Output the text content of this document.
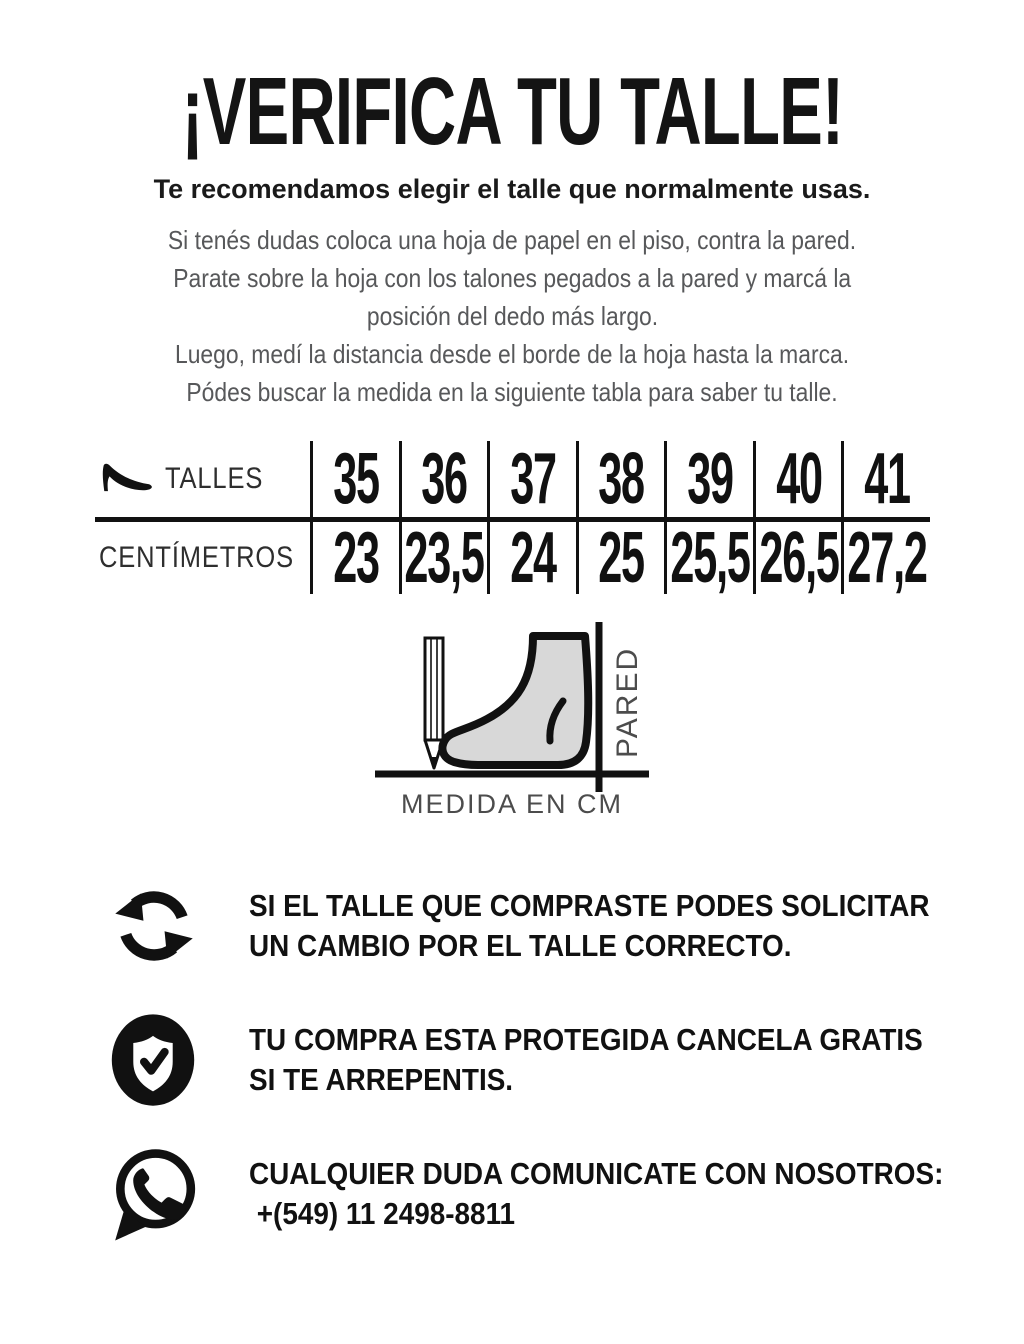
¡VERIFICA TU TALLE!
Te recomendamos elegir el talle que normalmente usas.
Si tenés dudas coloca una hoja de papel en el piso, contra la pared.
Parate sobre la hoja con los talones pegados a la pared y marcá la
posición del dedo más largo.
Luego, medí la distancia desde el borde de la hoja hasta la marca.
Pódes buscar la medida en la siguiente tabla para saber tu talle.
TALLES 35 36 37 38 39 40 41
CENTÍMETROS 23 23,5 24 25 25,5 26,5 27,2
PARED
MEDIDA EN CM
SI EL TALLE QUE COMPRASTE PODES SOLICITAR
UN CAMBIO POR EL TALLE CORRECTO.
TU COMPRA ESTA PROTEGIDA CANCELA GRATIS
SI TE ARREPENTIS.
CUALQUIER DUDA COMUNICATE CON NOSOTROS:
+(549) 11 2498-8811
